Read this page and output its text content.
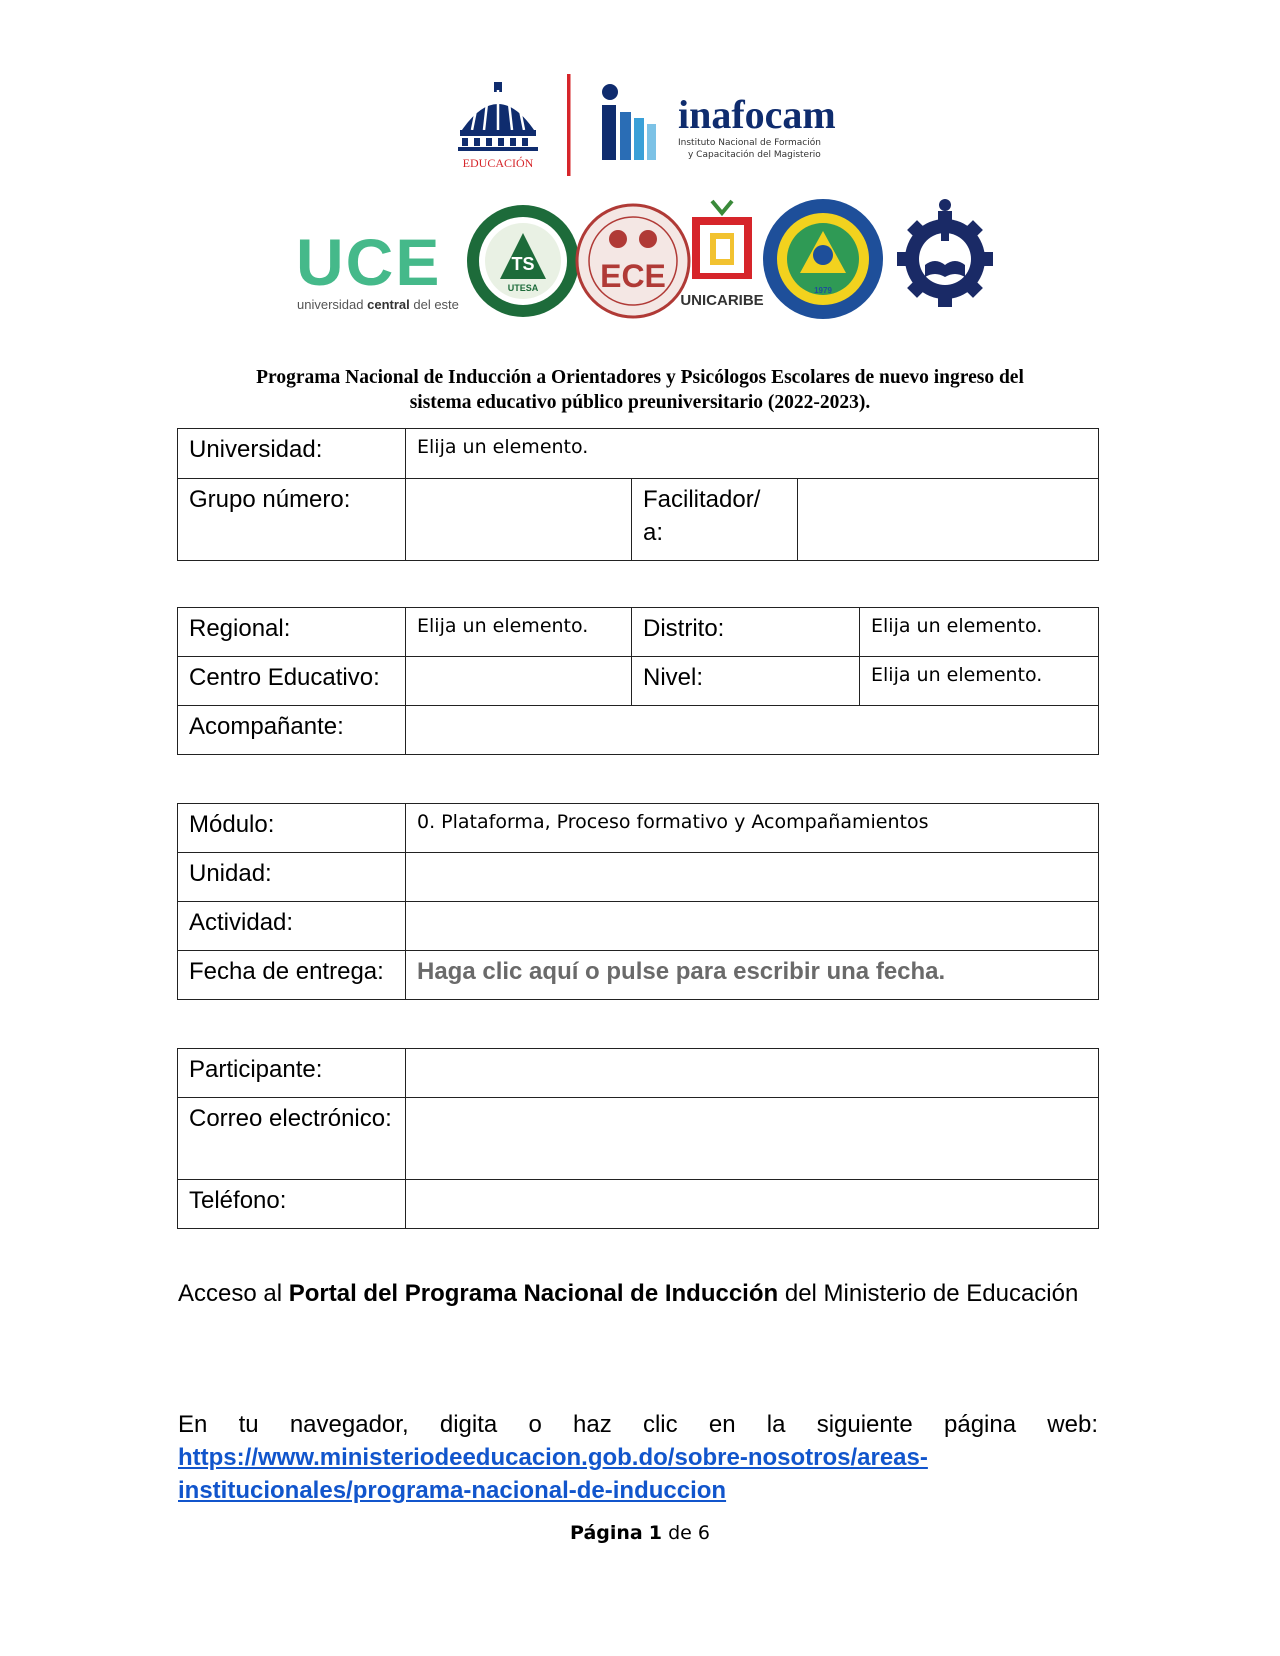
EDUCACIÓN
inafocam
Instituto Nacional de Formación
y Capacitación del Magisterio
UCE
universidad central del este
TS
UTESA ECE
UNICARIBE
1979
Programa Nacional de Inducción a Orientadores y Psicólogos Escolares de nuevo ingreso del
sistema educativo público preuniversitario (2022-2023).
Universidad:	Elija un elemento.		
Grupo número:		Facilitador/ a:	
Regional:	Elija un elemento.	Distrito:	Elija un elemento.
Centro Educativo:		Nivel:	Elija un elemento.
Acompañante:			
Módulo:	0. Plataforma, Proceso formativo y Acompañamientos
Unidad:	
Actividad:	
Fecha de entrega:	Haga clic aquí o pulse para escribir una fecha.
Participante:	
Correo electrónico:	
Teléfono:	
Acceso al Portal del Programa Nacional de Inducción del Ministerio de Educación
En tu navegador, digita o haz clic en la siguiente página web:
https://www.ministeriodeeducacion.gob.do/sobre-nosotros/areas-
institucionales/programa-nacional-de-induccion
Página 1 de 6
